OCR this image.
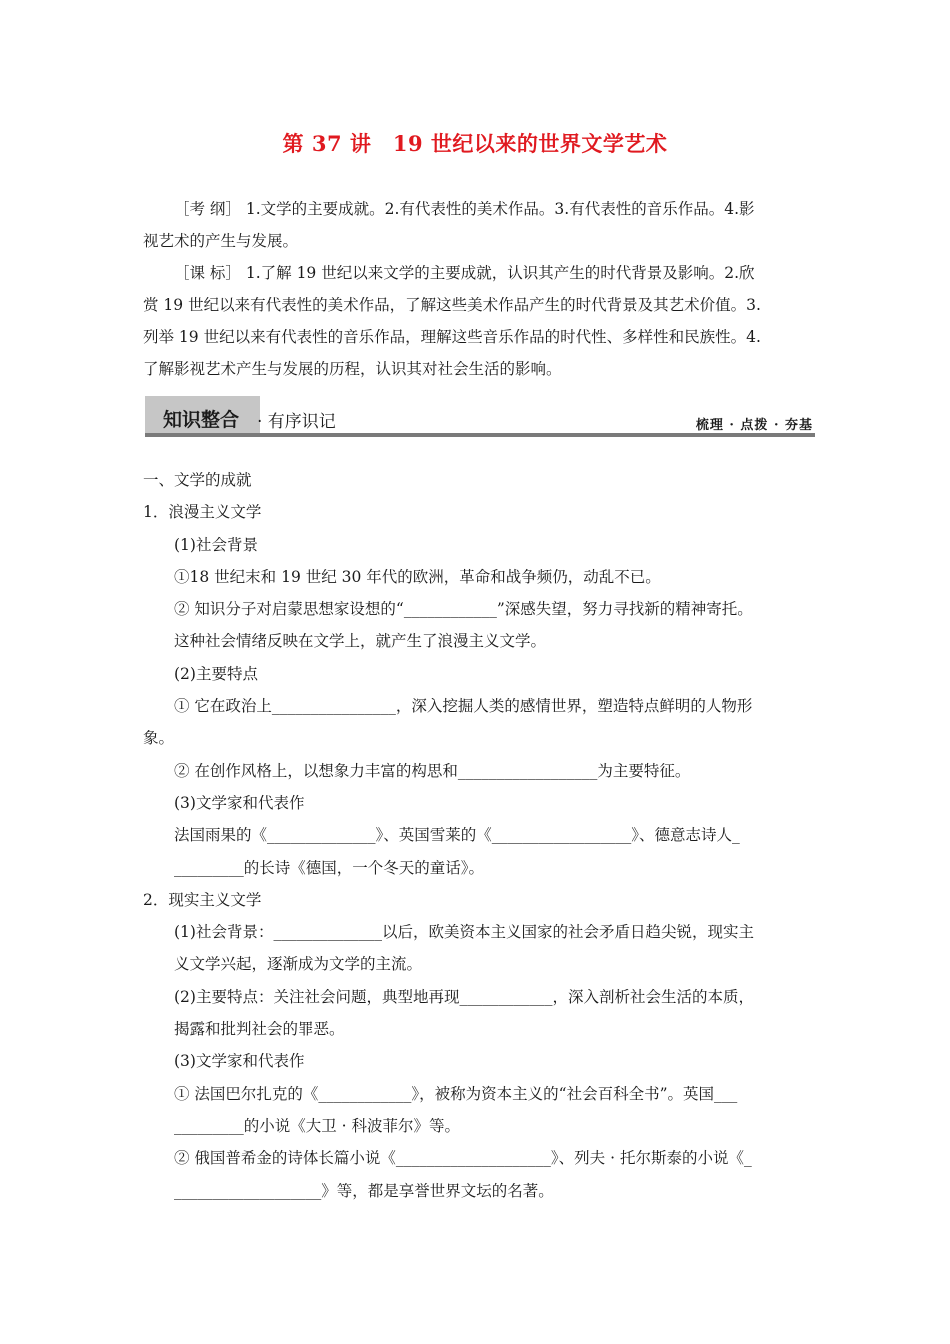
第 37 讲　19 世纪以来的世界文学艺术
［考 纲］ 1.文学的主要成就。2.有代表性的美术作品。3.有代表性的音乐作品。4.影
视艺术的产生与发展。
［课 标］ 1.了解 19 世纪以来文学的主要成就，认识其产生的时代背景及影响。2.欣
赏 19 世纪以来有代表性的美术作品，了解这些美术作品产生的时代背景及其艺术价值。3.
列举 19 世纪以来有代表性的音乐作品，理解这些音乐作品的时代性、多样性和民族性。4.
了解影视艺术产生与发展的历程，认识其对社会生活的影响。
知识整合 · 有序识记	梳理 · 点拨 · 夯基
一、文学的成就
1．浪漫主义文学
(1)社会背景
①18 世纪末和 19 世纪 30 年代的欧洲，革命和战争频仍，动乱不已。
② 知识分子对启蒙思想家设想的“____________”深感失望，努力寻找新的精神寄托。
这种社会情绪反映在文学上，就产生了浪漫主义文学。
(2)主要特点
① 它在政治上________________，深入挖掘人类的感情世界，塑造特点鲜明的人物形
象。
② 在创作风格上，以想象力丰富的构思和__________________为主要特征。
(3)文学家和代表作
法国雨果的《______________》、英国雪莱的《__________________》、德意志诗人_
_________的长诗《德国，一个冬天的童话》。
2．现实主义文学
(1)社会背景：______________以后，欧美资本主义国家的社会矛盾日趋尖锐，现实主
义文学兴起，逐渐成为文学的主流。
(2)主要特点：关注社会问题，典型地再现____________，深入剖析社会生活的本质，
揭露和批判社会的罪恶。
(3)文学家和代表作
① 法国巴尔扎克的《____________》，被称为资本主义的“社会百科全书”。英国___
_________的小说《大卫 · 科波菲尔》等。
② 俄国普希金的诗体长篇小说《____________________》、列夫 · 托尔斯泰的小说《_
___________________》等，都是享誉世界文坛的名著。
